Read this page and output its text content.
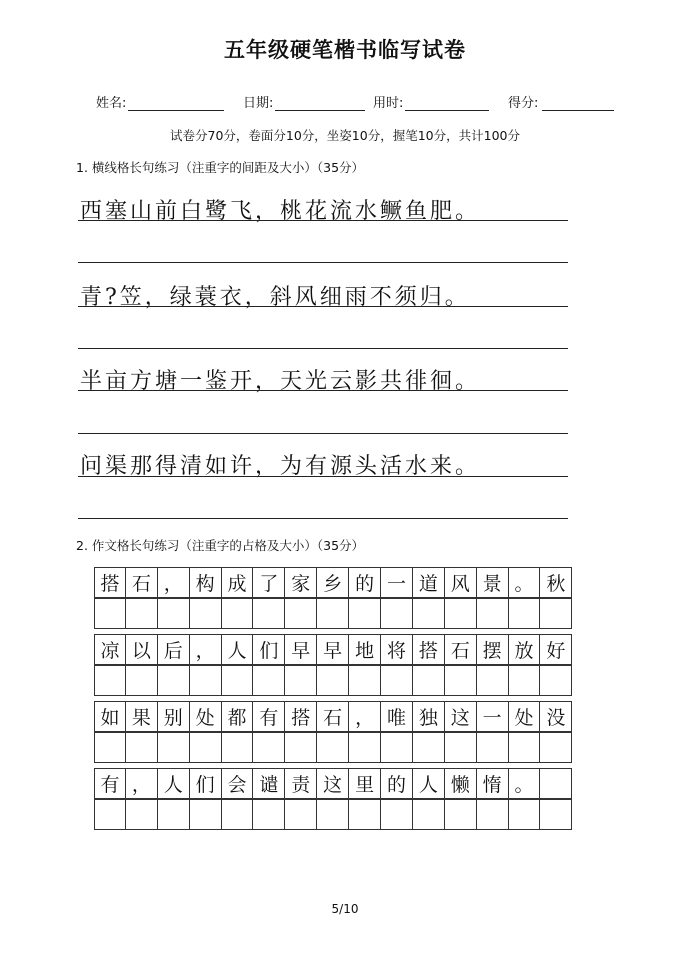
五年级硬笔楷书临写试卷
姓名:	日期:	用时:	得分:
试卷分70分，卷面分10分，坐姿10分，握笔10分，共计100分
1. 横线格长句练习（注重字的间距及大小）（35分）
西塞山前白鹭飞，桃花流水鳜鱼肥。
青?笠，绿蓑衣，斜风细雨不须归。
半亩方塘一鉴开，天光云影共徘徊。
问渠那得清如许，为有源头活水来。
2. 作文格长句练习（注重字的占格及大小）（35分）
搭 石 ， 构 成 了 家 乡 的 一 道 风 景 。 秋
凉 以 后 ， 人 们 早 早 地 将 搭 石 摆 放 好
如 果 别 处 都 有 搭 石 ， 唯 独 这 一 处 没
有 ， 人 们 会 谴 责 这 里 的 人 懒 惰 。
5/10
